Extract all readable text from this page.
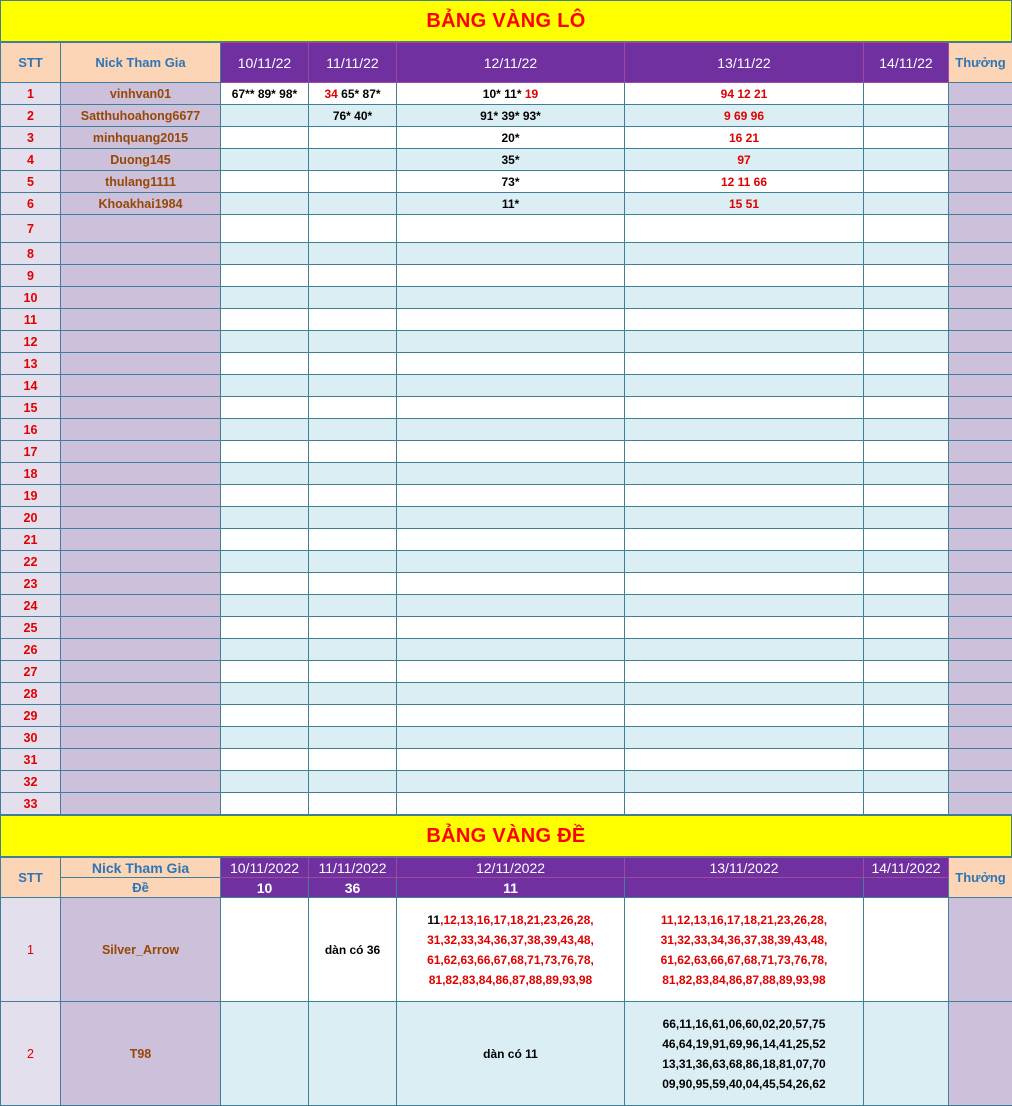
BẢNG VÀNG LÔ
STT	Nick Tham Gia	10/11/22	11/11/22	12/11/22	13/11/22	14/11/22	Thưởng
1	vinhvan01	67** 89* 98*	34 65* 87*	10* 11* 19	94 12 21		
2	Satthuhoahong6677		76* 40*	91* 39* 93*	9 69 96		
3	minhquang2015			20*	16 21		
4	Duong145			35*	97		
5	thulang1111			73*	12 11 66		
6	Khoakhai1984			11*	15 51		
7							
8							
9							
10							
11							
12							
13							
14							
15							
16							
17							
18							
19							
20							
21							
22							
23							
24							
25							
26							
27							
28							
29							
30							
31							
32							
33							
BẢNG VÀNG ĐỀ
STT	Nick Tham Gia	10/11/2022	11/11/2022	12/11/2022	13/11/2022	14/11/2022	Thưởng
	Đề	10	36	11			
1	Silver_Arrow		dàn có 36	11,12,13,16,17,18,21,23,26,28,
31,32,33,34,36,37,38,39,43,48,
61,62,63,66,67,68,71,73,76,78,
81,82,83,84,86,87,88,89,93,98	11,12,13,16,17,18,21,23,26,28,
31,32,33,34,36,37,38,39,43,48,
61,62,63,66,67,68,71,73,76,78,
81,82,83,84,86,87,88,89,93,98		
2	T98			dàn có 11	66,11,16,61,06,60,02,20,57,75
46,64,19,91,69,96,14,41,25,52
13,31,36,63,68,86,18,81,07,70
09,90,95,59,40,04,45,54,26,62		
